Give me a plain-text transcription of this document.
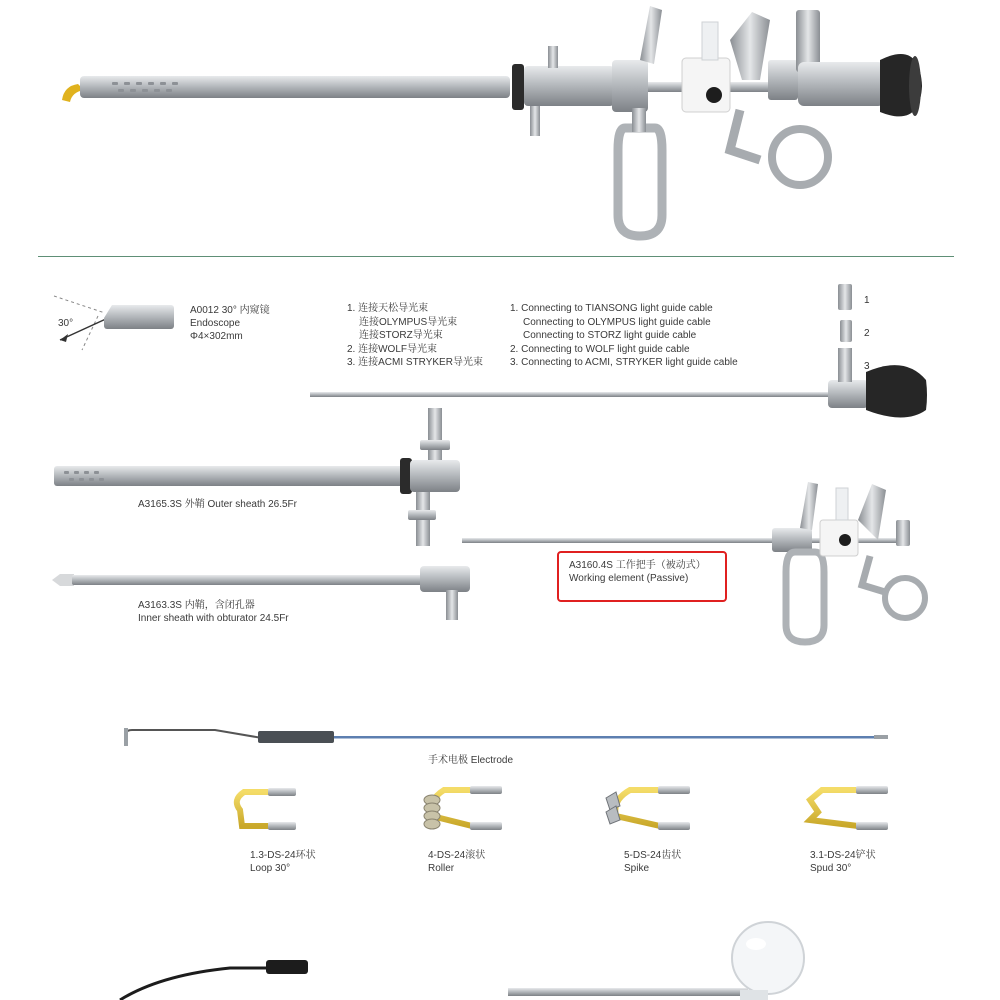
30°
A0012 30° 内窥镜
Endoscope
Φ4×302mm
1. 连接天松导光束
连接OLYMPUS导光束
连接STORZ导光束
2. 连接WOLF导光束
3. 连接ACMI STRYKER导光束
1. Connecting to TIANSONG light guide cable
Connecting to OLYMPUS light guide cable
Connecting to STORZ light guide cable
2. Connecting to WOLF light guide cable
3. Connecting to ACMI, STRYKER light guide cable
1
2
3
A3165.3S 外鞘 Outer sheath 26.5Fr
A3160.4S 工作把手（被动式）
Working element (Passive)
A3163.3S 内鞘，含闭孔器
Inner sheath with obturator 24.5Fr
手术电极 Electrode
1.3-DS-24环状
Loop 30°
4-DS-24滚状
Roller
5-DS-24齿状
Spike
3.1-DS-24铲状
Spud 30°
